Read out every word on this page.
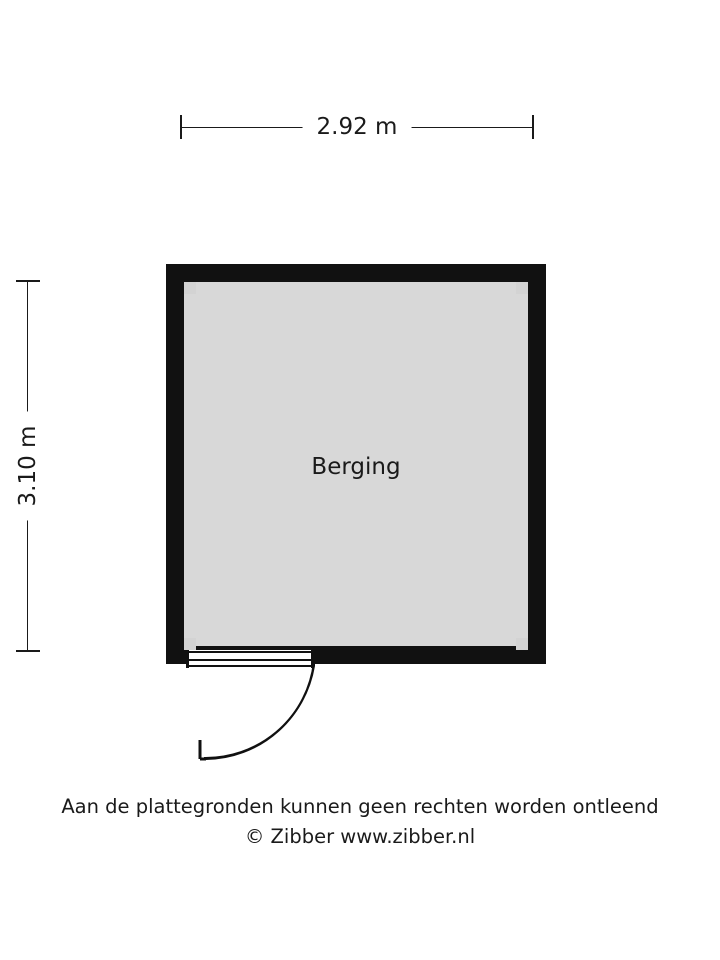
2.92 m
3.10 m	Berging
Aan de plattegronden kunnen geen rechten worden ontleend
© Zibber www.zibber.nl
